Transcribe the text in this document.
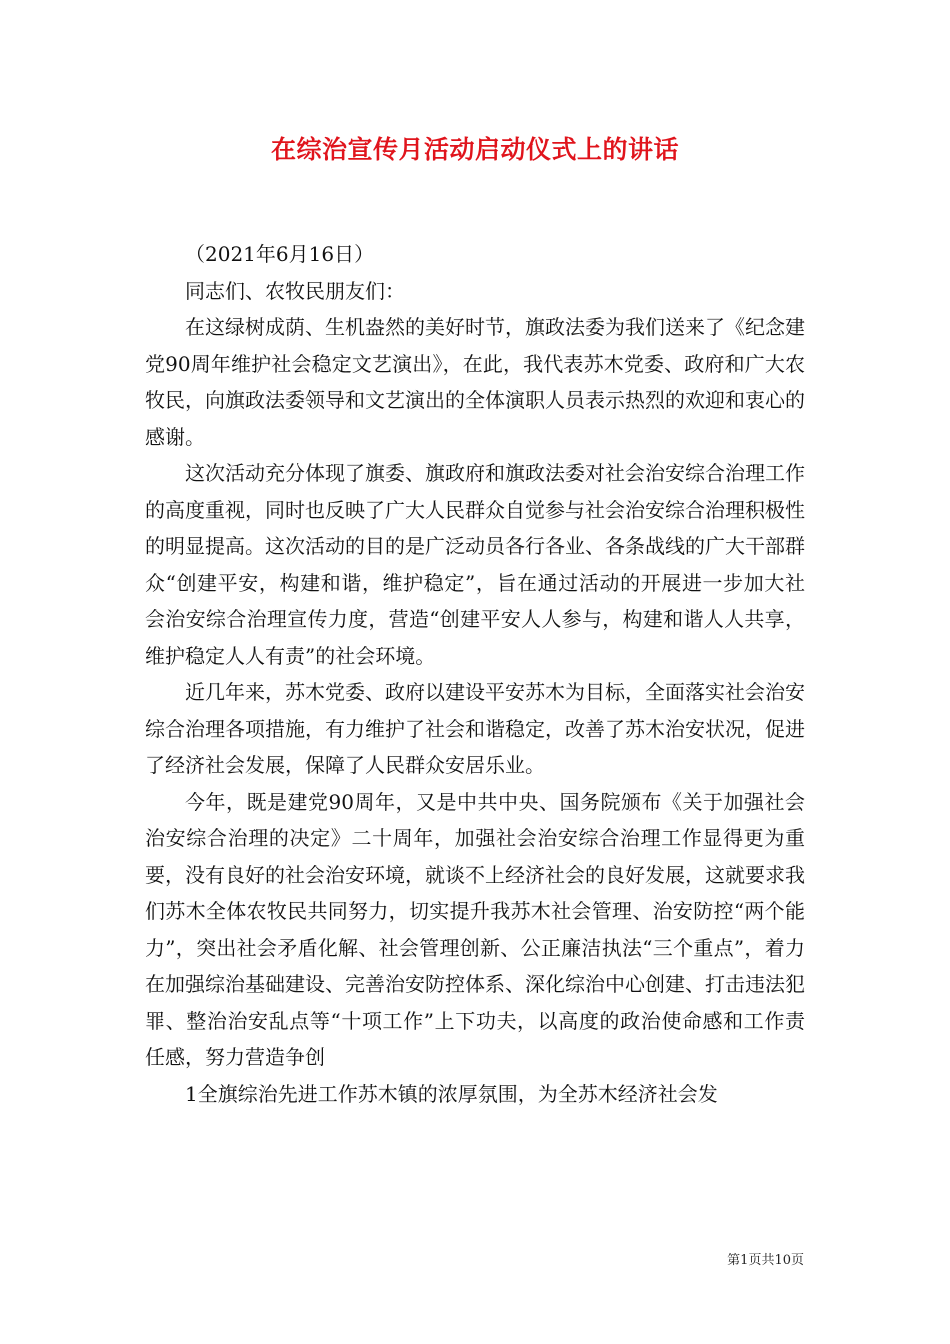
在综治宣传月活动启动仪式上的讲话

（2021年6月16日）

同志们、农牧民朋友们：

在这绿树成荫、生机盎然的美好时节，旗政法委为我们送来了《纪念建党90周年维护社会稳定文艺演出》，在此，我代表苏木党委、政府和广大农牧民，向旗政法委领导和文艺演出的全体演职人员表示热烈的欢迎和衷心的感谢。

这次活动充分体现了旗委、旗政府和旗政法委对社会治安综合治理工作的高度重视，同时也反映了广大人民群众自觉参与社会治安综合治理积极性的明显提高。这次活动的目的是广泛动员各行各业、各条战线的广大干部群众“创建平安，构建和谐，维护稳定”，旨在通过活动的开展进一步加大社会治安综合治理宣传力度，营造“创建平安人人参与，构建和谐人人共享，维护稳定人人有责”的社会环境。

近几年来，苏木党委、政府以建设平安苏木为目标，全面落实社会治安综合治理各项措施，有力维护了社会和谐稳定，改善了苏木治安状况，促进了经济社会发展，保障了人民群众安居乐业。

今年，既是建党90周年，又是中共中央、国务院颁布《关于加强社会治安综合治理的决定》二十周年，加强社会治安综合治理工作显得更为重要，没有良好的社会治安环境，就谈不上经济社会的良好发展，这就要求我们苏木全体农牧民共同努力，切实提升我苏木社会管理、治安防控“两个能力”，突出社会矛盾化解、社会管理创新、公正廉洁执法“三个重点”，着力在加强综治基础建设、完善治安防控体系、深化综治中心创建、打击违法犯罪、整治治安乱点等“十项工作”上下功夫，以高度的政治使命感和工作责任感，努力营造争创

1全旗综治先进工作苏木镇的浓厚氛围，为全苏木经济社会发

第1页共10页
